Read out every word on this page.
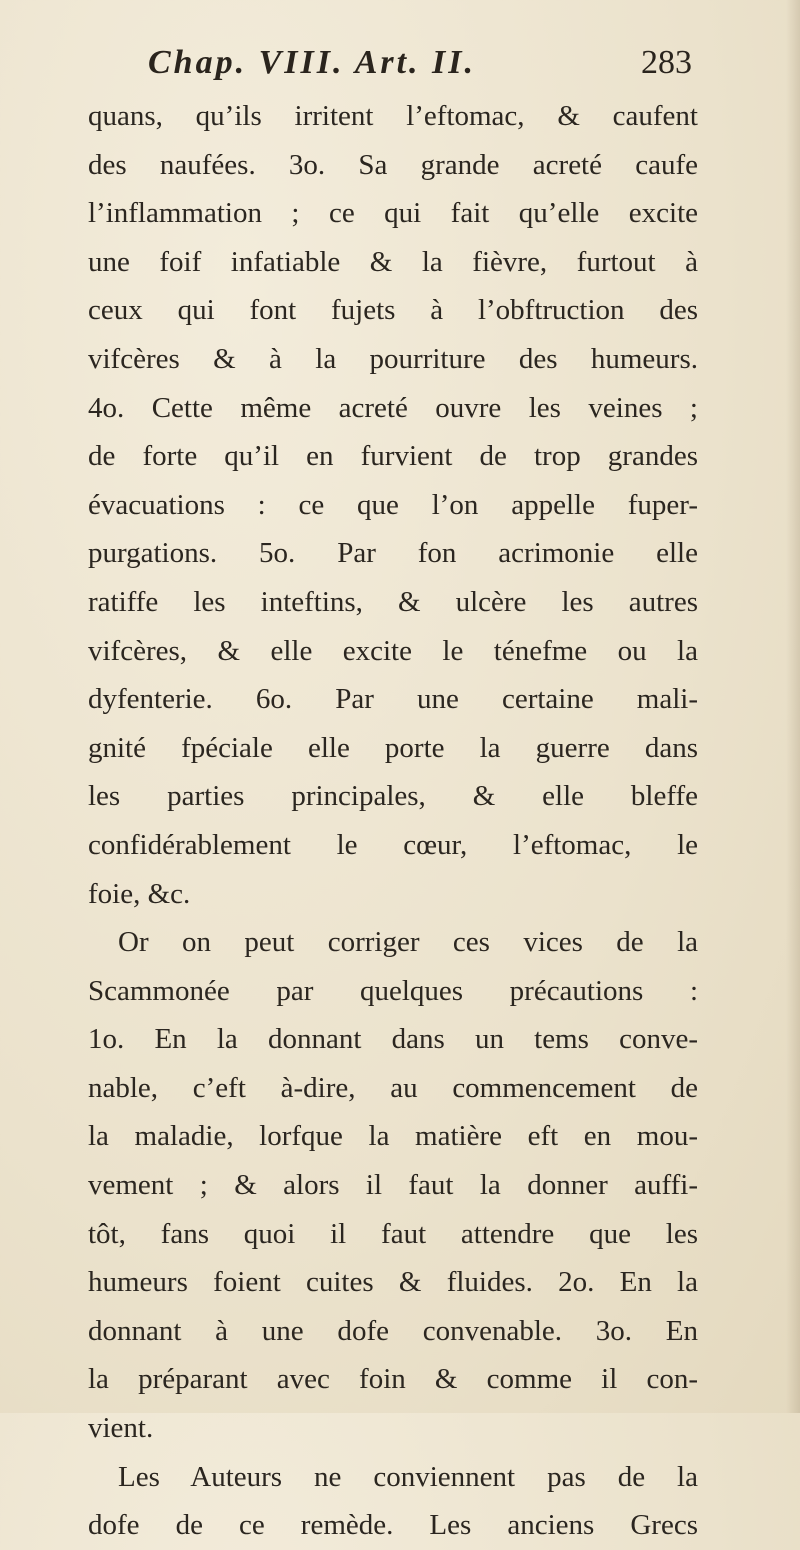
Chap. VIII. Art. II.	283
quans, qu’ils irritent l’eftomac, & caufent
des naufées. 3o. Sa grande acreté caufe
l’inflammation ; ce qui fait qu’elle excite
une foif infatiable & la fièvre, furtout à
ceux qui font fujets à l’obftruction des
vifcères & à la pourriture des humeurs.
4o. Cette même acreté ouvre les veines ;
de forte qu’il en furvient de trop grandes
évacuations : ce que l’on appelle fuper-
purgations. 5o. Par fon acrimonie elle
ratiffe les inteftins, & ulcère les autres
vifcères, & elle excite le ténefme ou la
dyfenterie. 6o. Par une certaine mali-
gnité fpéciale elle porte la guerre dans
les parties principales, & elle bleffe
confidérablement le cœur, l’eftomac, le
foie, &c.
Or on peut corriger ces vices de la
Scammonée par quelques précautions :
1o. En la donnant dans un tems conve-
nable, c’eft à-dire, au commencement de
la maladie, lorfque la matière eft en mou-
vement ; & alors il faut la donner auffi-
tôt, fans quoi il faut attendre que les
humeurs foient cuites & fluides. 2o. En la
donnant à une dofe convenable. 3o. En
la préparant avec foin & comme il con-
vient.
Les Auteurs ne conviennent pas de la
dofe de ce remède. Les anciens Grecs
